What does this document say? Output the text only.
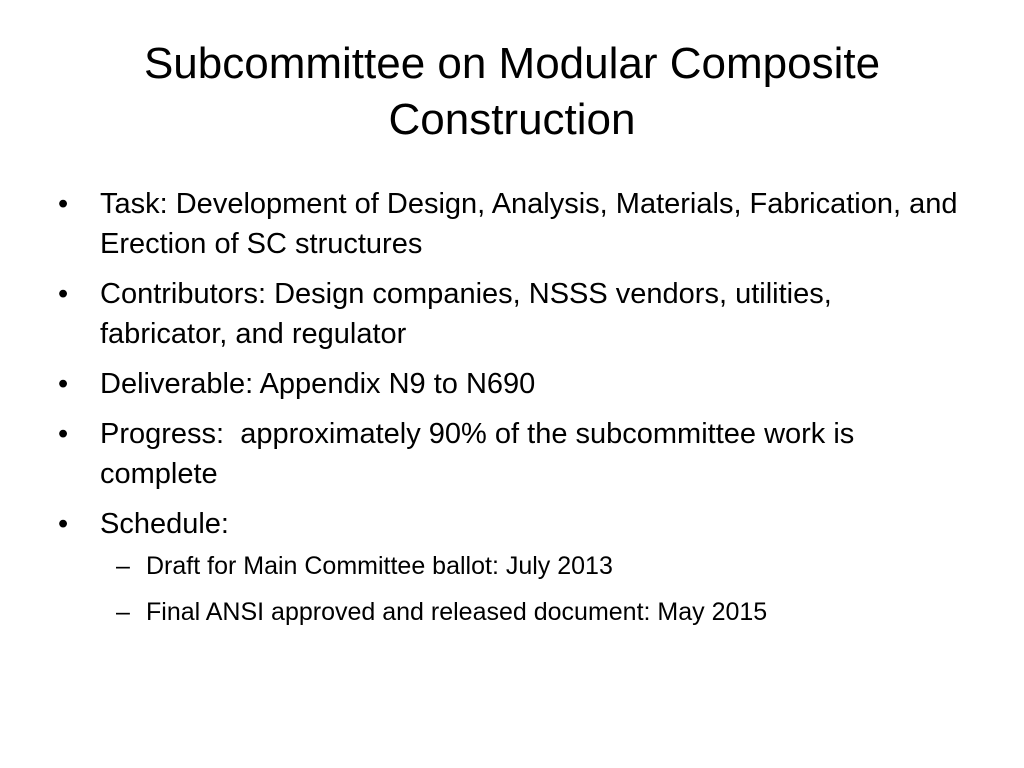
Subcommittee on Modular Composite Construction
•	Task: Development of Design, Analysis, Materials, Fabrication, and Erection of SC structures
•	Contributors: Design companies, NSSS vendors, utilities, fabricator, and regulator
•	Deliverable: Appendix N9 to N690
•	Progress:  approximately 90% of the subcommittee work is complete
•	Schedule:
– Draft for Main Committee ballot: July 2013
– Final ANSI approved and released document: May 2015
